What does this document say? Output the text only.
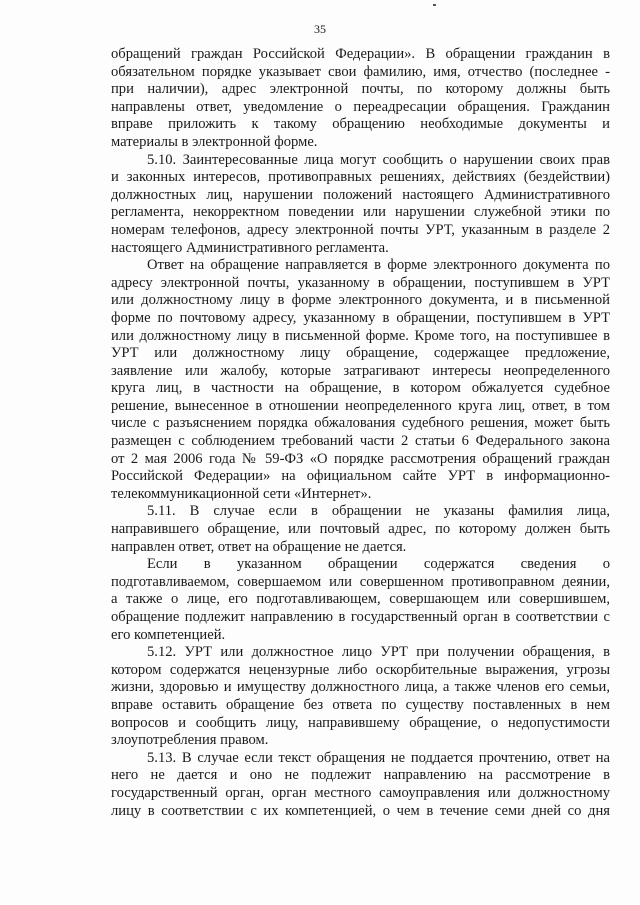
35
обращений граждан Российской Федерации». В обращении гражданин в
обязательном порядке указывает свои фамилию, имя, отчество (последнее -
при наличии), адрес электронной почты, по которому должны быть
направлены ответ, уведомление о переадресации обращения. Гражданин
вправе приложить к такому обращению необходимые документы и
материалы в электронной форме.
5.10. Заинтересованные лица могут сообщить о нарушении своих прав
и законных интересов, противоправных решениях, действиях (бездействии)
должностных лиц, нарушении положений настоящего Административного
регламента, некорректном поведении или нарушении служебной этики по
номерам телефонов, адресу электронной почты УРТ, указанным в разделе 2
настоящего Административного регламента.
Ответ на обращение направляется в форме электронного документа по
адресу электронной почты, указанному в обращении, поступившем в УРТ
или должностному лицу в форме электронного документа, и в письменной
форме по почтовому адресу, указанному в обращении, поступившем в УРТ
или должностному лицу в письменной форме. Кроме того, на поступившее в
УРТ или должностному лицу обращение, содержащее предложение,
заявление или жалобу, которые затрагивают интересы неопределенного
круга лиц, в частности на обращение, в котором обжалуется судебное
решение, вынесенное в отношении неопределенного круга лиц, ответ, в том
числе с разъяснением порядка обжалования судебного решения, может быть
размещен с соблюдением требований части 2 статьи 6 Федерального закона
от 2 мая 2006 года № 59-ФЗ «О порядке рассмотрения обращений граждан
Российской Федерации» на официальном сайте УРТ в информационно-
телекоммуникационной сети «Интернет».
5.11. В случае если в обращении не указаны фамилия лица,
направившего обращение, или почтовый адрес, по которому должен быть
направлен ответ, ответ на обращение не дается.
Если в указанном обращении содержатся сведения о
подготавливаемом, совершаемом или совершенном противоправном деянии,
а также о лице, его подготавливающем, совершающем или совершившем,
обращение подлежит направлению в государственный орган в соответствии с
его компетенцией.
5.12. УРТ или должностное лицо УРТ при получении обращения, в
котором содержатся нецензурные либо оскорбительные выражения, угрозы
жизни, здоровью и имуществу должностного лица, а также членов его семьи,
вправе оставить обращение без ответа по существу поставленных в нем
вопросов и сообщить лицу, направившему обращение, о недопустимости
злоупотребления правом.
5.13. В случае если текст обращения не поддается прочтению, ответ на
него не дается и оно не подлежит направлению на рассмотрение в
государственный орган, орган местного самоуправления или должностному
лицу в соответствии с их компетенцией, о чем в течение семи дней со дня
